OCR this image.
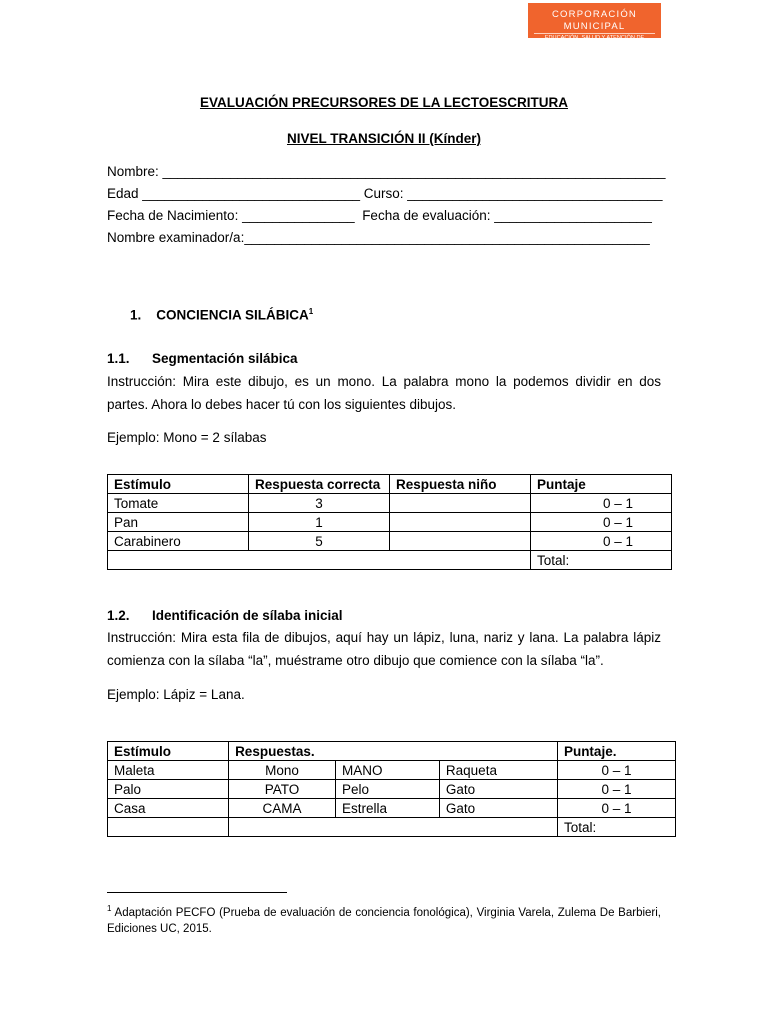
CORPORACIÓN MUNICIPAL
EDUCACIÓN, SALUD Y ATENCIÓN DE MENORES
EVALUACIÓN PRECURSORES DE LA LECTOESCRITURA
NIVEL TRANSICIÓN II (Kínder)
Nombre: ___________________________________________________________________
Edad _____________________________ Curso: __________________________________
Fecha de Nacimiento: _______________  Fecha de evaluación: _____________________
Nombre examinador/a:______________________________________________________
1. CONCIENCIA SILÁBICA$^1$
1.1. Segmentación silábica
Instrucción: Mira este dibujo, es un mono. La palabra mono la podemos dividir en dos partes. Ahora lo debes hacer tú con los siguientes dibujos.
Ejemplo: Mono = 2 sílabas
Estímulo	Respuesta correcta	Respuesta niño	Puntaje
Tomate	3		0 – 1
Pan	1		0 – 1
Carabinero	5		0 – 1
			Total:
1.2. Identificación de sílaba inicial
Instrucción: Mira esta fila de dibujos, aquí hay un lápiz, luna, nariz y lana. La palabra lápiz comienza con la sílaba “la”, muéstrame otro dibujo que comience con la sílaba “la”.
Ejemplo: Lápiz = Lana.
Estímulo	Respuestas.			Puntaje.
Maleta	Mono	MANO	Raqueta	0 – 1
Palo	PATO	Pelo	Gato	0 – 1
Casa	CAMA	Estrella	Gato	0 – 1
				Total:
$^1$ Adaptación PECFO (Prueba de evaluación de conciencia fonológica), Virginia Varela, Zulema De Barbieri, Ediciones UC, 2015.
